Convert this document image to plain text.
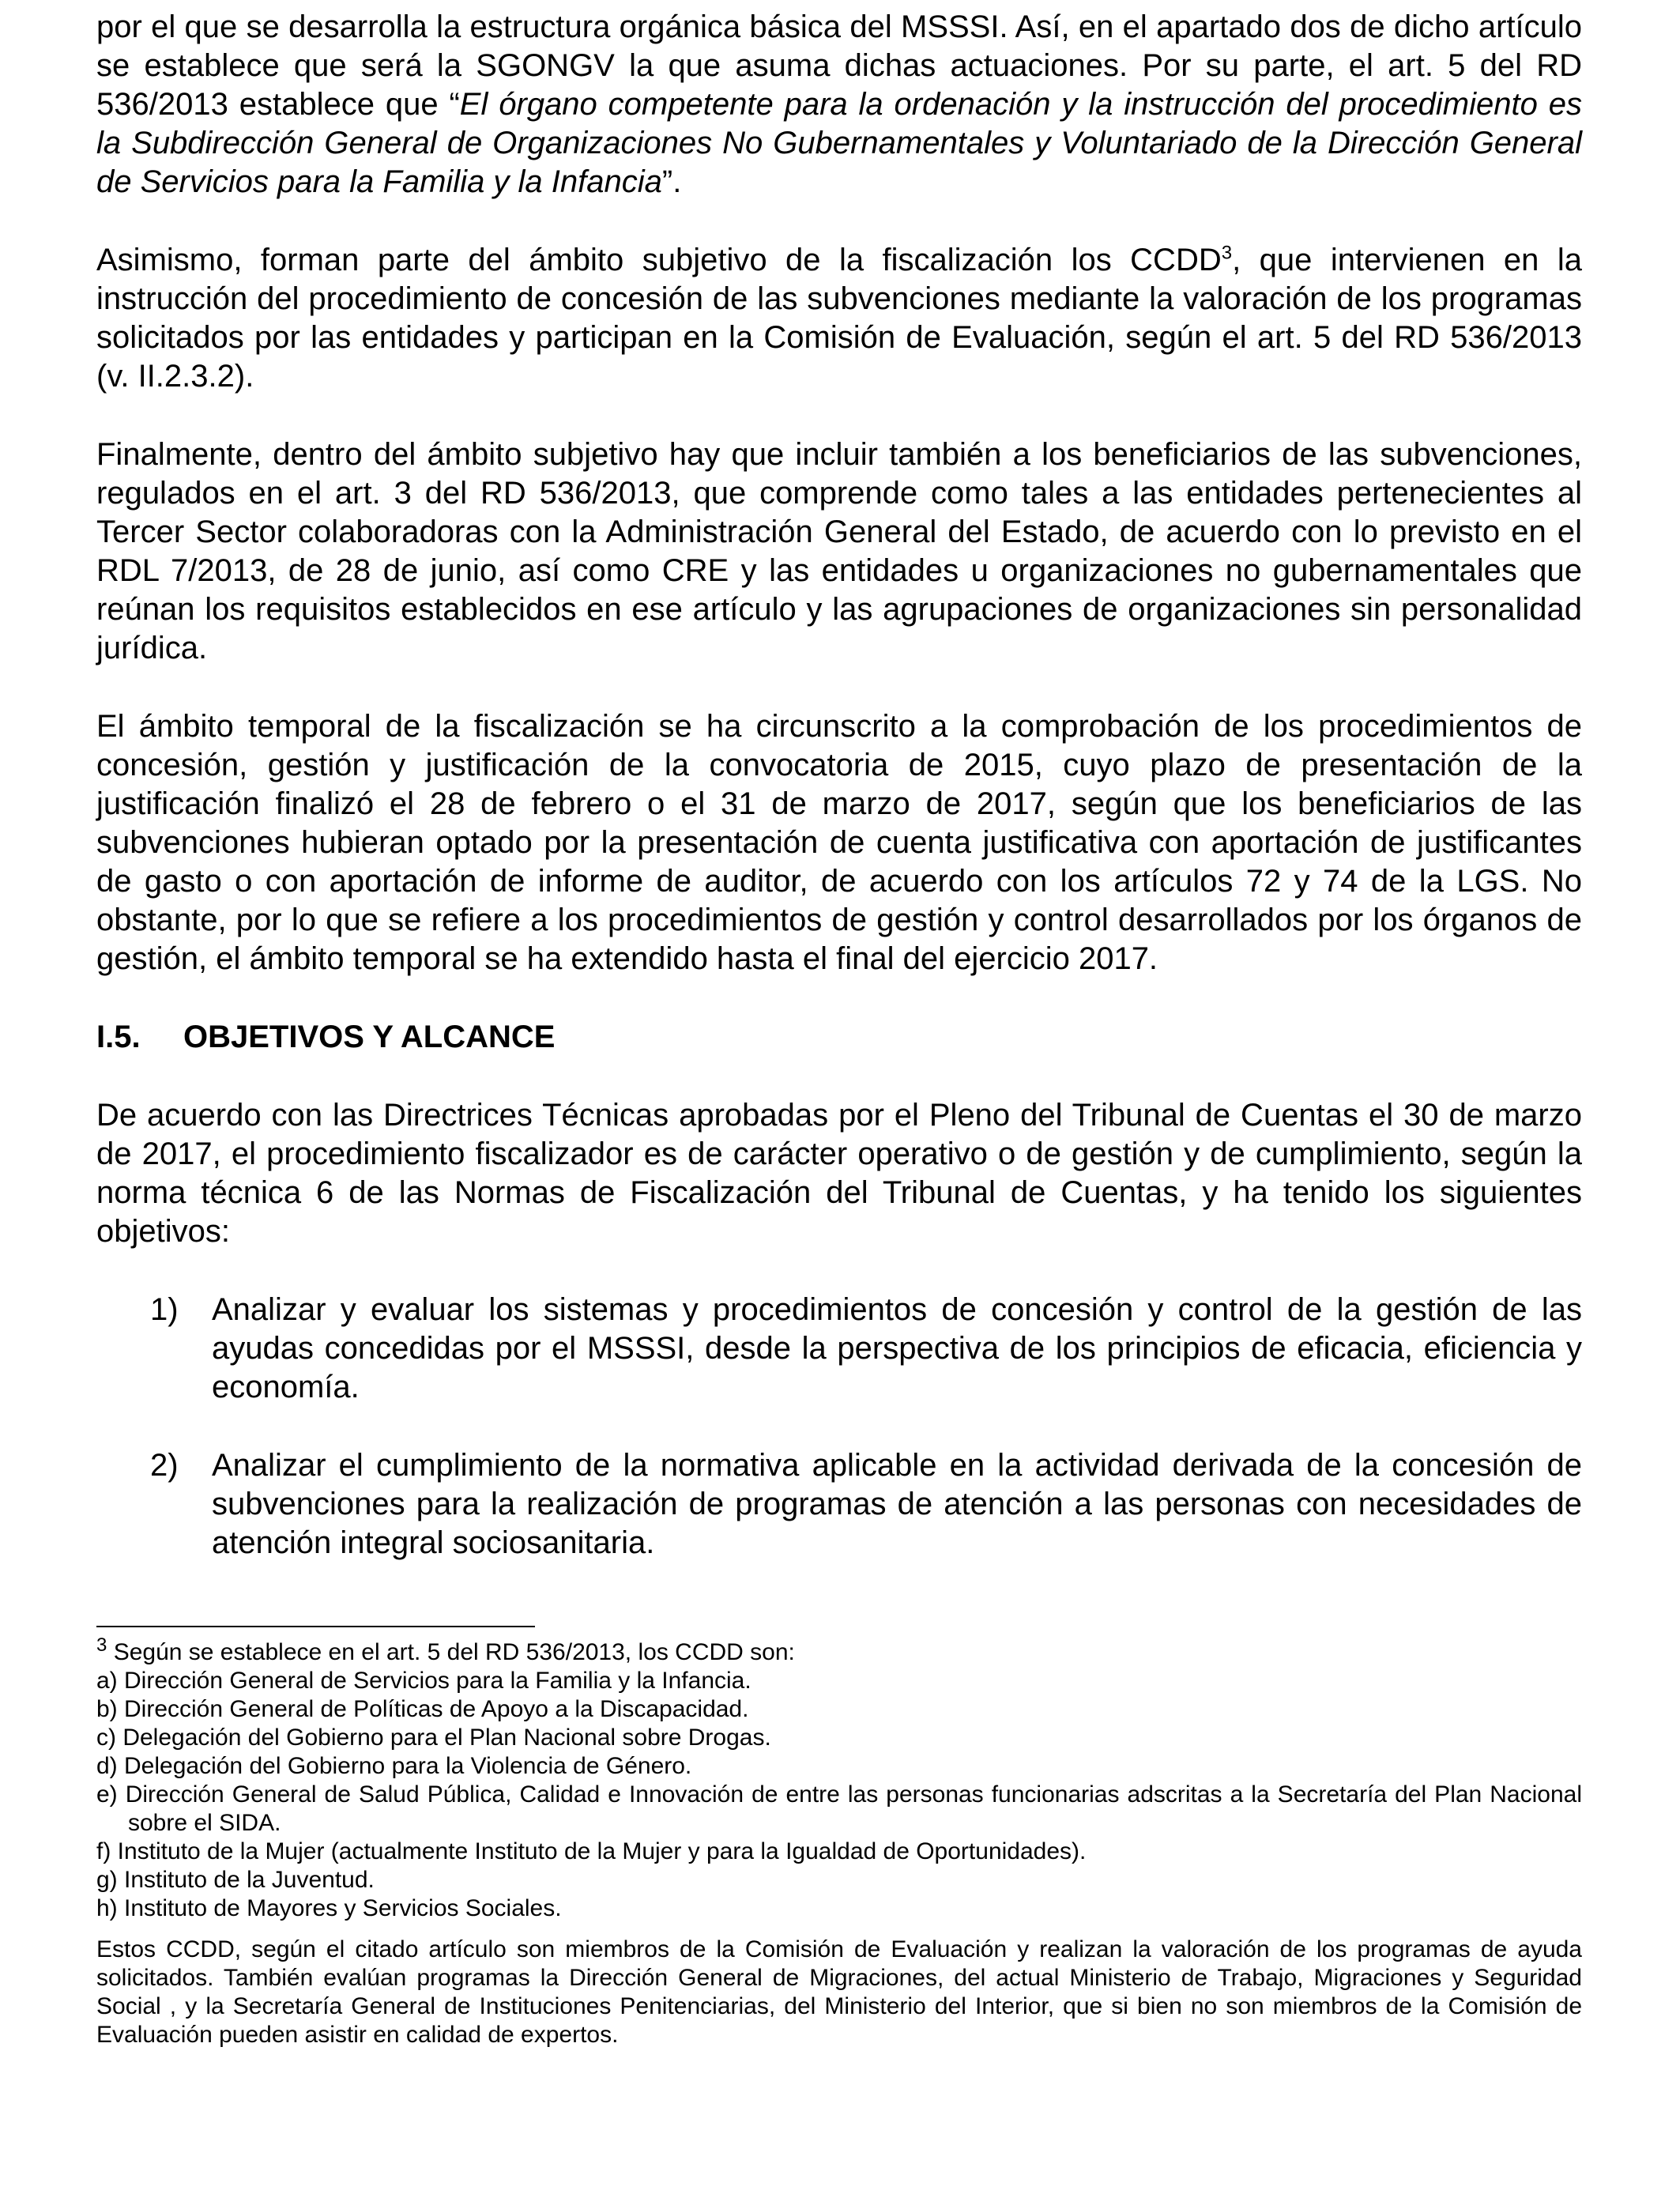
por el que se desarrolla la estructura orgánica básica del MSSSI. Así, en el apartado dos de dicho artículo se establece que será la SGONGV la que asuma dichas actuaciones. Por su parte, el art. 5 del RD 536/2013 establece que “El órgano competente para la ordenación y la instrucción del procedimiento es la Subdirección General de Organizaciones No Gubernamentales y Voluntariado de la Dirección General de Servicios para la Familia y la Infancia”.

Asimismo, forman parte del ámbito subjetivo de la fiscalización los CCDD$^3$, que intervienen en la instrucción del procedimiento de concesión de las subvenciones mediante la valoración de los programas solicitados por las entidades y participan en la Comisión de Evaluación, según el art. 5 del RD 536/2013 (v. II.2.3.2).

Finalmente, dentro del ámbito subjetivo hay que incluir también a los beneficiarios de las subvenciones, regulados en el art. 3 del RD 536/2013, que comprende como tales a las entidades pertenecientes al Tercer Sector colaboradoras con la Administración General del Estado, de acuerdo con lo previsto en el RDL 7/2013, de 28 de junio, así como CRE y las entidades u organizaciones no gubernamentales que reúnan los requisitos establecidos en ese artículo y las agrupaciones de organizaciones sin personalidad jurídica.

El ámbito temporal de la fiscalización se ha circunscrito a la comprobación de los procedimientos de concesión, gestión y justificación de la convocatoria de 2015, cuyo plazo de presentación de la justificación finalizó el 28 de febrero o el 31 de marzo de 2017, según que los beneficiarios de las subvenciones hubieran optado por la presentación de cuenta justificativa con aportación de justificantes de gasto o con aportación de informe de auditor, de acuerdo con los artículos 72 y 74 de la LGS. No obstante, por lo que se refiere a los procedimientos de gestión y control desarrollados por los órganos de gestión, el ámbito temporal se ha extendido hasta el final del ejercicio 2017.

I.5.	OBJETIVOS Y ALCANCE

De acuerdo con las Directrices Técnicas aprobadas por el Pleno del Tribunal de Cuentas el 30 de marzo de 2017, el procedimiento fiscalizador es de carácter operativo o de gestión y de cumplimiento, según la norma técnica 6 de las Normas de Fiscalización del Tribunal de Cuentas, y ha tenido los siguientes objetivos:

1)	Analizar y evaluar los sistemas y procedimientos de concesión y control de la gestión de las ayudas concedidas por el MSSSI, desde la perspectiva de los principios de eficacia, eficiencia y economía.
2)	Analizar el cumplimiento de la normativa aplicable en la actividad derivada de la concesión de subvenciones para la realización de programas de atención a las personas con necesidades de atención integral sociosanitaria.

$^3$ Según se establece en el art. 5 del RD 536/2013, los CCDD son:

a) Dirección General de Servicios para la Familia y la Infancia.

b) Dirección General de Políticas de Apoyo a la Discapacidad.

c) Delegación del Gobierno para el Plan Nacional sobre Drogas.

d) Delegación del Gobierno para la Violencia de Género.

e) Dirección General de Salud Pública, Calidad e Innovación de entre las personas funcionarias adscritas a la Secretaría del Plan Nacional sobre el SIDA.

f) Instituto de la Mujer (actualmente Instituto de la Mujer y para la Igualdad de Oportunidades).

g) Instituto de la Juventud.

h) Instituto de Mayores y Servicios Sociales.

Estos CCDD, según el citado artículo son miembros de la Comisión de Evaluación y realizan la valoración de los programas de ayuda solicitados. También evalúan programas la Dirección General de Migraciones, del actual Ministerio de Trabajo, Migraciones y Seguridad Social , y la Secretaría General de Instituciones Penitenciarias, del Ministerio del Interior, que si bien no son miembros de la Comisión de Evaluación pueden asistir en calidad de expertos.
